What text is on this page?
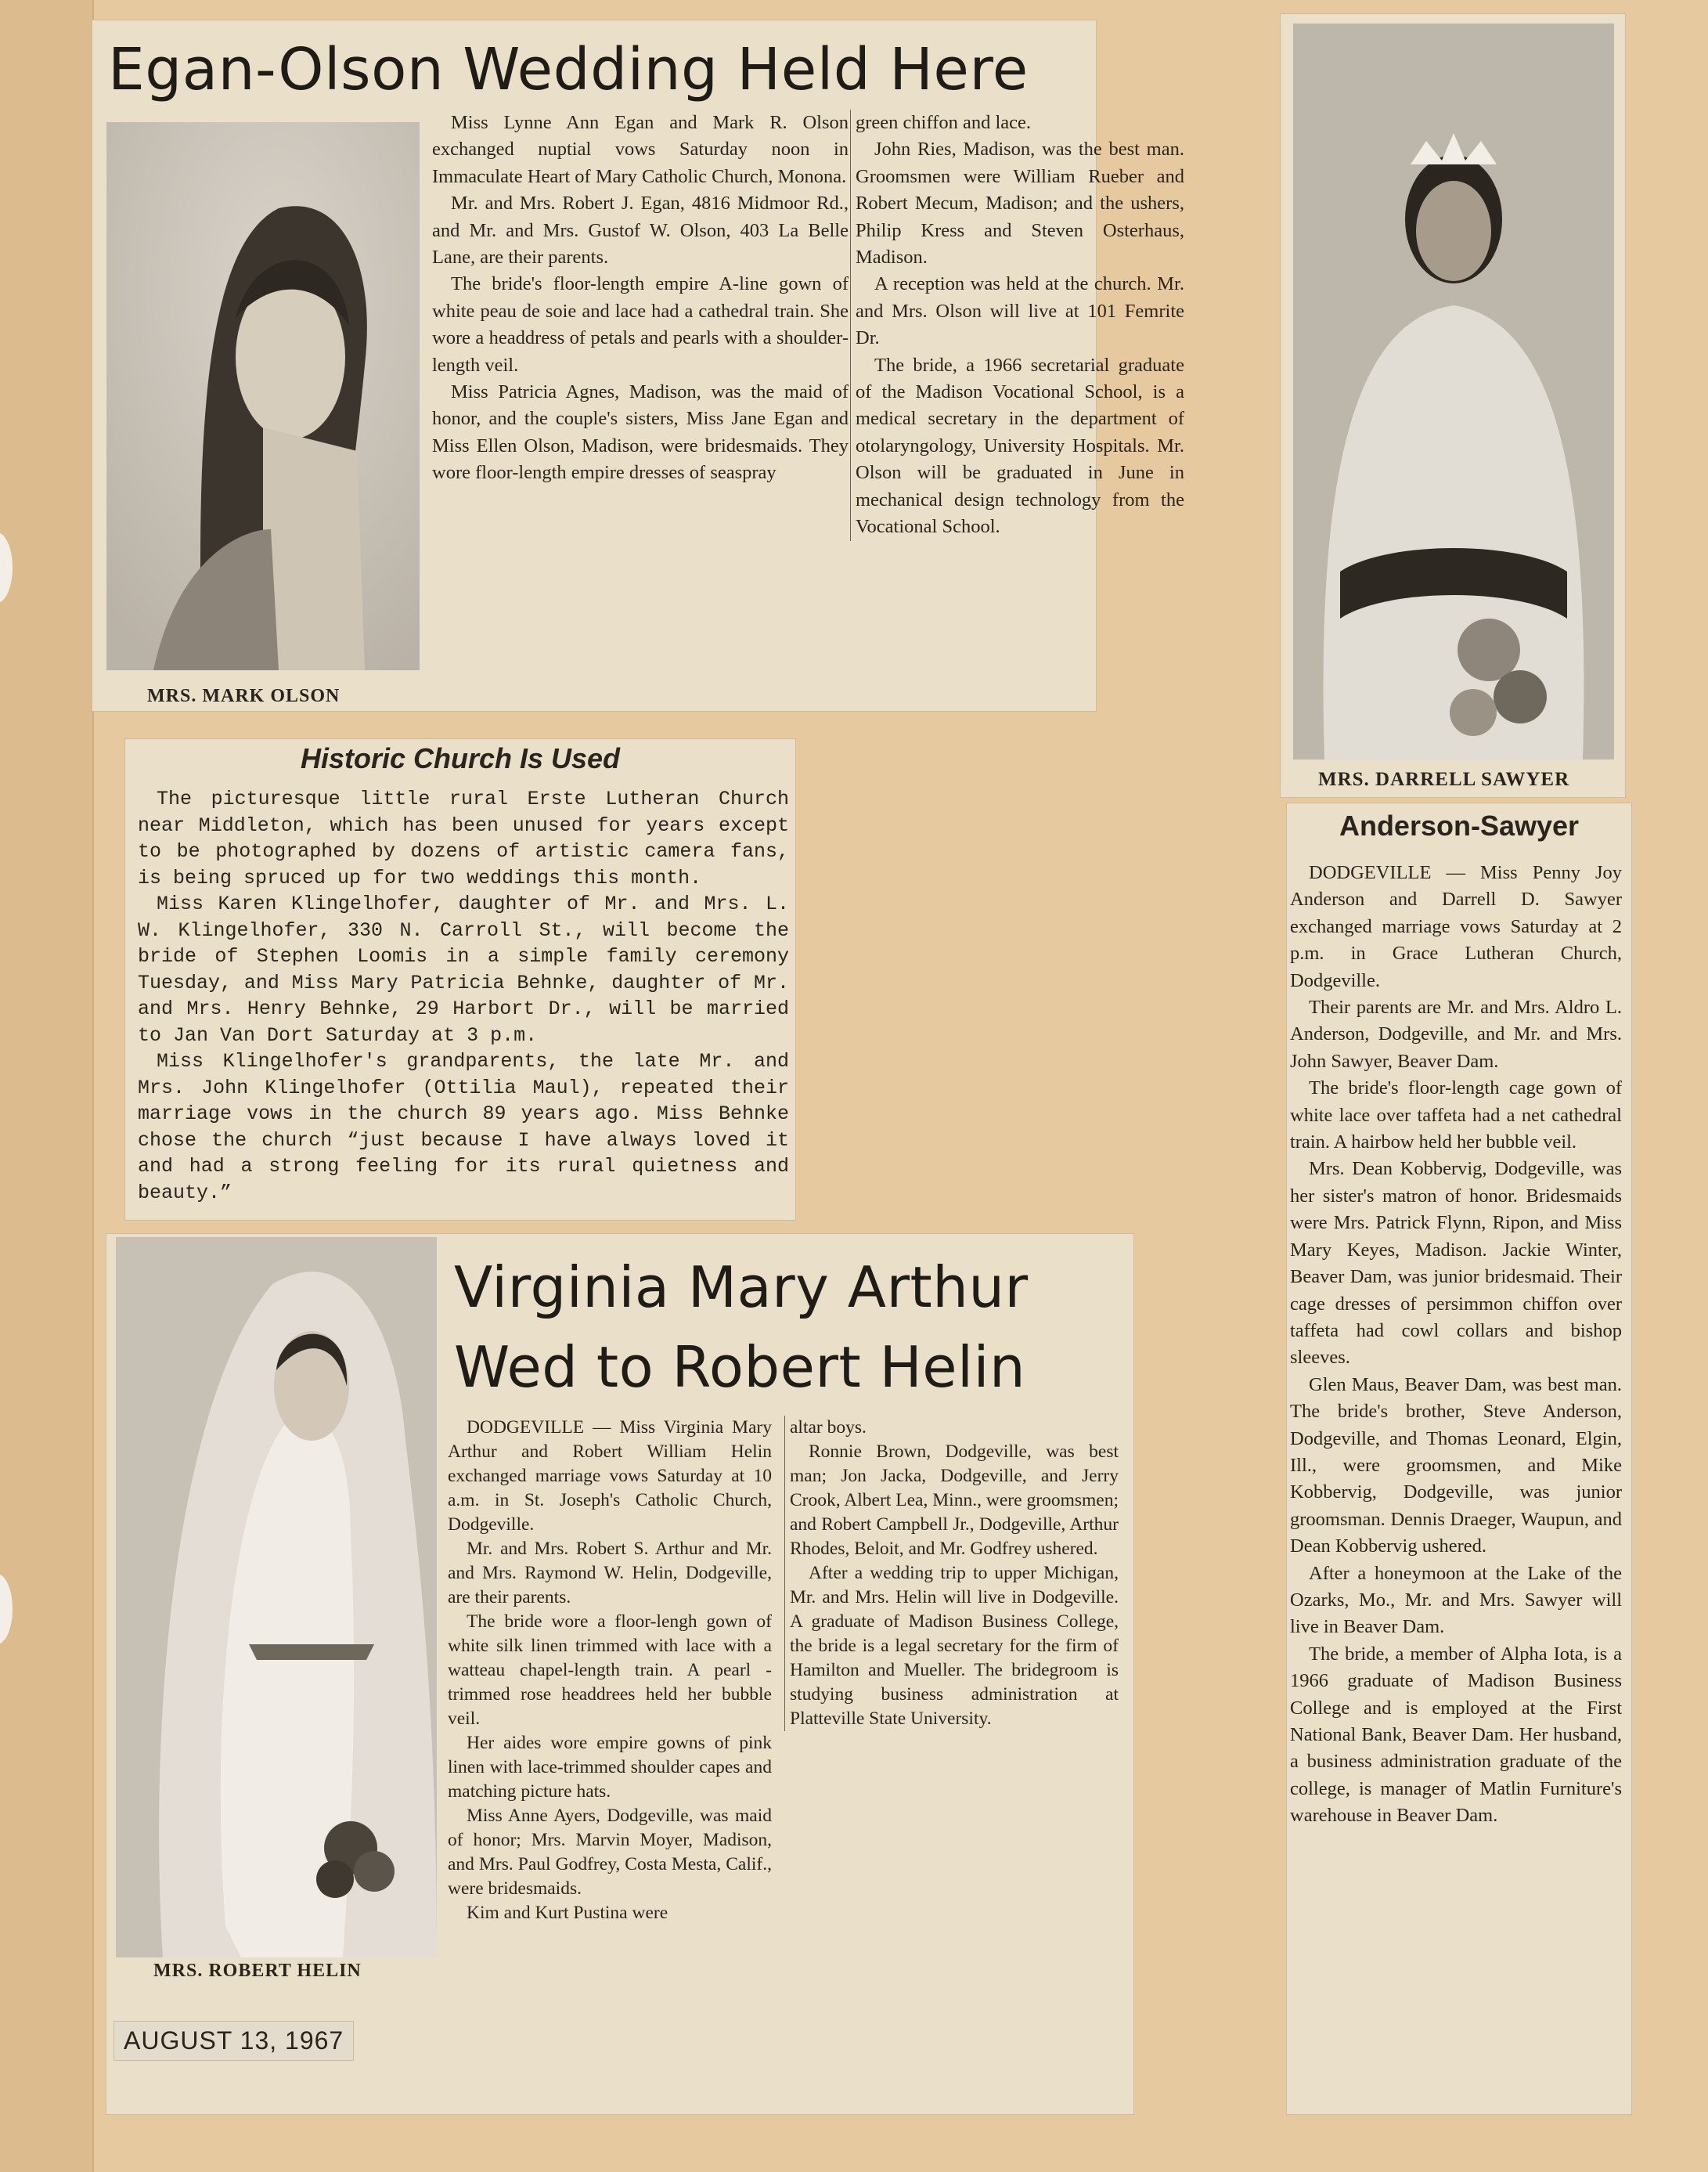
Egan-Olson Wedding Held Here
MRS. MARK OLSON

Miss Lynne Ann Egan and Mark R. Olson exchanged nuptial vows Saturday noon in Immaculate Heart of Mary Catholic Church, Monona.

Mr. and Mrs. Robert J. Egan, 4816 Midmoor Rd., and Mr. and Mrs. Gustof W. Olson, 403 La Belle Lane, are their parents.

The bride's floor-length empire A-line gown of white peau de soie and lace had a cathedral train. She wore a headdress of petals and pearls with a shoulder-length veil.

Miss Patricia Agnes, Madison, was the maid of honor, and the couple's sisters, Miss Jane Egan and Miss Ellen Olson, Madison, were bridesmaids. They wore floor-length empire dresses of seaspray

green chiffon and lace.

John Ries, Madison, was the best man. Groomsmen were William Rueber and Robert Mecum, Madison; and the ushers, Philip Kress and Steven Osterhaus, Madison.

A reception was held at the church. Mr. and Mrs. Olson will live at 101 Femrite Dr.

The bride, a 1966 secretarial graduate of the Madison Vocational School, is a medical secretary in the department of otolaryngology, University Hospitals. Mr. Olson will be graduated in June in mechanical design technology from the Vocational School.

Historic Church Is Used

The picturesque little rural Erste Lutheran Church near Middleton, which has been unused for years except to be photographed by dozens of artistic camera fans, is being spruced up for two weddings this month.

Miss Karen Klingelhofer, daughter of Mr. and Mrs. L. W. Klingelhofer, 330 N. Carroll St., will become the bride of Stephen Loomis in a simple family ceremony Tuesday, and Miss Mary Patricia Behnke, daughter of Mr. and Mrs. Henry Behnke, 29 Harbort Dr., will be married to Jan Van Dort Saturday at 3 p.m.

Miss Klingelhofer's grandparents, the late Mr. and Mrs. John Klingelhofer (Ottilia Maul), repeated their marriage vows in the church 89 years ago. Miss Behnke chose the church “just because I have always loved it and had a strong feeling for its rural quietness and beauty.”

MRS. ROBERT HELIN
Virginia Mary Arthur
Wed to Robert Helin

DODGEVILLE — Miss Virginia Mary Arthur and Robert William Helin exchanged marriage vows Saturday at 10 a.m. in St. Joseph's Catholic Church, Dodgeville.

Mr. and Mrs. Robert S. Arthur and Mr. and Mrs. Raymond W. Helin, Dodgeville, are their parents.

The bride wore a floor-lengh gown of white silk linen trimmed with lace with a watteau chapel-length train. A pearl - trimmed rose headdrees held her bubble veil.

Her aides wore empire gowns of pink linen with lace-trimmed shoulder capes and matching picture hats.

Miss Anne Ayers, Dodgeville, was maid of honor; Mrs. Marvin Moyer, Madison, and Mrs. Paul Godfrey, Costa Mesta, Calif., were bridesmaids.

Kim and Kurt Pustina were

altar boys.

Ronnie Brown, Dodgeville, was best man; Jon Jacka, Dodgeville, and Jerry Crook, Albert Lea, Minn., were groomsmen; and Robert Campbell Jr., Dodgeville, Arthur Rhodes, Beloit, and Mr. Godfrey ushered.

After a wedding trip to upper Michigan, Mr. and Mrs. Helin will live in Dodgeville. A graduate of Madison Business College, the bride is a legal secretary for the firm of Hamilton and Mueller. The bridegroom is studying business administration at Platteville State University.

AUGUST 13, 1967
MRS. DARRELL SAWYER
Anderson-Sawyer

DODGEVILLE — Miss Penny Joy Anderson and Darrell D. Sawyer exchanged marriage vows Saturday at 2 p.m. in Grace Lutheran Church, Dodgeville.

Their parents are Mr. and Mrs. Aldro L. Anderson, Dodgeville, and Mr. and Mrs. John Sawyer, Beaver Dam.

The bride's floor-length cage gown of white lace over taffeta had a net cathedral train. A hairbow held her bubble veil.

Mrs. Dean Kobbervig, Dodgeville, was her sister's matron of honor. Bridesmaids were Mrs. Patrick Flynn, Ripon, and Miss Mary Keyes, Madison. Jackie Winter, Beaver Dam, was junior bridesmaid. Their cage dresses of persimmon chiffon over taffeta had cowl collars and bishop sleeves.

Glen Maus, Beaver Dam, was best man. The bride's brother, Steve Anderson, Dodgeville, and Thomas Leonard, Elgin, Ill., were groomsmen, and Mike Kobbervig, Dodgeville, was junior groomsman. Dennis Draeger, Waupun, and Dean Kobbervig ushered.

After a honeymoon at the Lake of the Ozarks, Mo., Mr. and Mrs. Sawyer will live in Beaver Dam.

The bride, a member of Alpha Iota, is a 1966 graduate of Madison Business College and is employed at the First National Bank, Beaver Dam. Her husband, a business administration graduate of the college, is manager of Matlin Furniture's warehouse in Beaver Dam.
